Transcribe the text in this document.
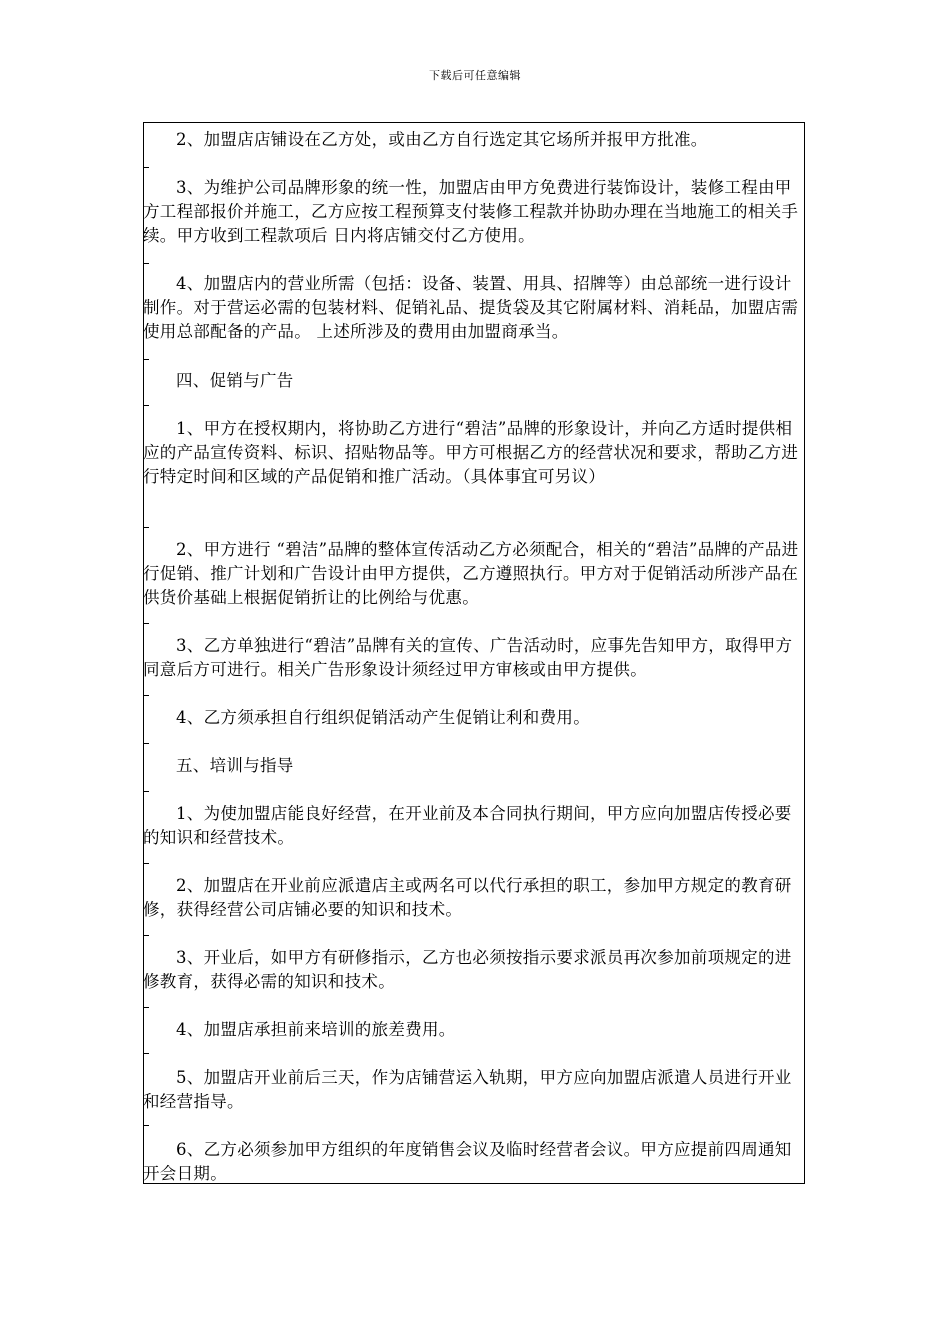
下载后可任意编辑
2、加盟店店铺设在乙方处，或由乙方自行选定其它场所并报甲方批准。
3、为维护公司品牌形象的统一性，加盟店由甲方免费进行装饰设计，装修工程由甲方工程部报价并施工，乙方应按工程预算支付装修工程款并协助办理在当地施工的相关手续。甲方收到工程款项后 日内将店铺交付乙方使用。
4、加盟店内的营业所需（包括：设备、装置、用具、招牌等）由总部统一进行设计制作。对于营运必需的包装材料、促销礼品、提货袋及其它附属材料、消耗品，加盟店需使用总部配备的产品。 上述所涉及的费用由加盟商承当。
四、促销与广告
1、甲方在授权期内，将协助乙方进行“碧洁”品牌的形象设计，并向乙方适时提供相应的产品宣传资料、标识、招贴物品等。甲方可根据乙方的经营状况和要求，帮助乙方进行特定时间和区域的产品促销和推广活动。（具体事宜可另议）
2、甲方进行 “碧洁”品牌的整体宣传活动乙方必须配合，相关的“碧洁”品牌的产品进行促销、推广计划和广告设计由甲方提供，乙方遵照执行。甲方对于促销活动所涉产品在供货价基础上根据促销折让的比例给与优惠。
3、乙方单独进行“碧洁”品牌有关的宣传、广告活动时，应事先告知甲方，取得甲方同意后方可进行。相关广告形象设计须经过甲方审核或由甲方提供。
4、乙方须承担自行组织促销活动产生促销让利和费用。
五、培训与指导
1、为使加盟店能良好经营，在开业前及本合同执行期间，甲方应向加盟店传授必要的知识和经营技术。
2、加盟店在开业前应派遣店主或两名可以代行承担的职工，参加甲方规定的教育研修，获得经营公司店铺必要的知识和技术。
3、开业后，如甲方有研修指示，乙方也必须按指示要求派员再次参加前项规定的进修教育，获得必需的知识和技术。
4、加盟店承担前来培训的旅差费用。
5、加盟店开业前后三天，作为店铺营运入轨期，甲方应向加盟店派遣人员进行开业和经营指导。
6、乙方必须参加甲方组织的年度销售会议及临时经营者会议。甲方应提前四周通知开会日期。
